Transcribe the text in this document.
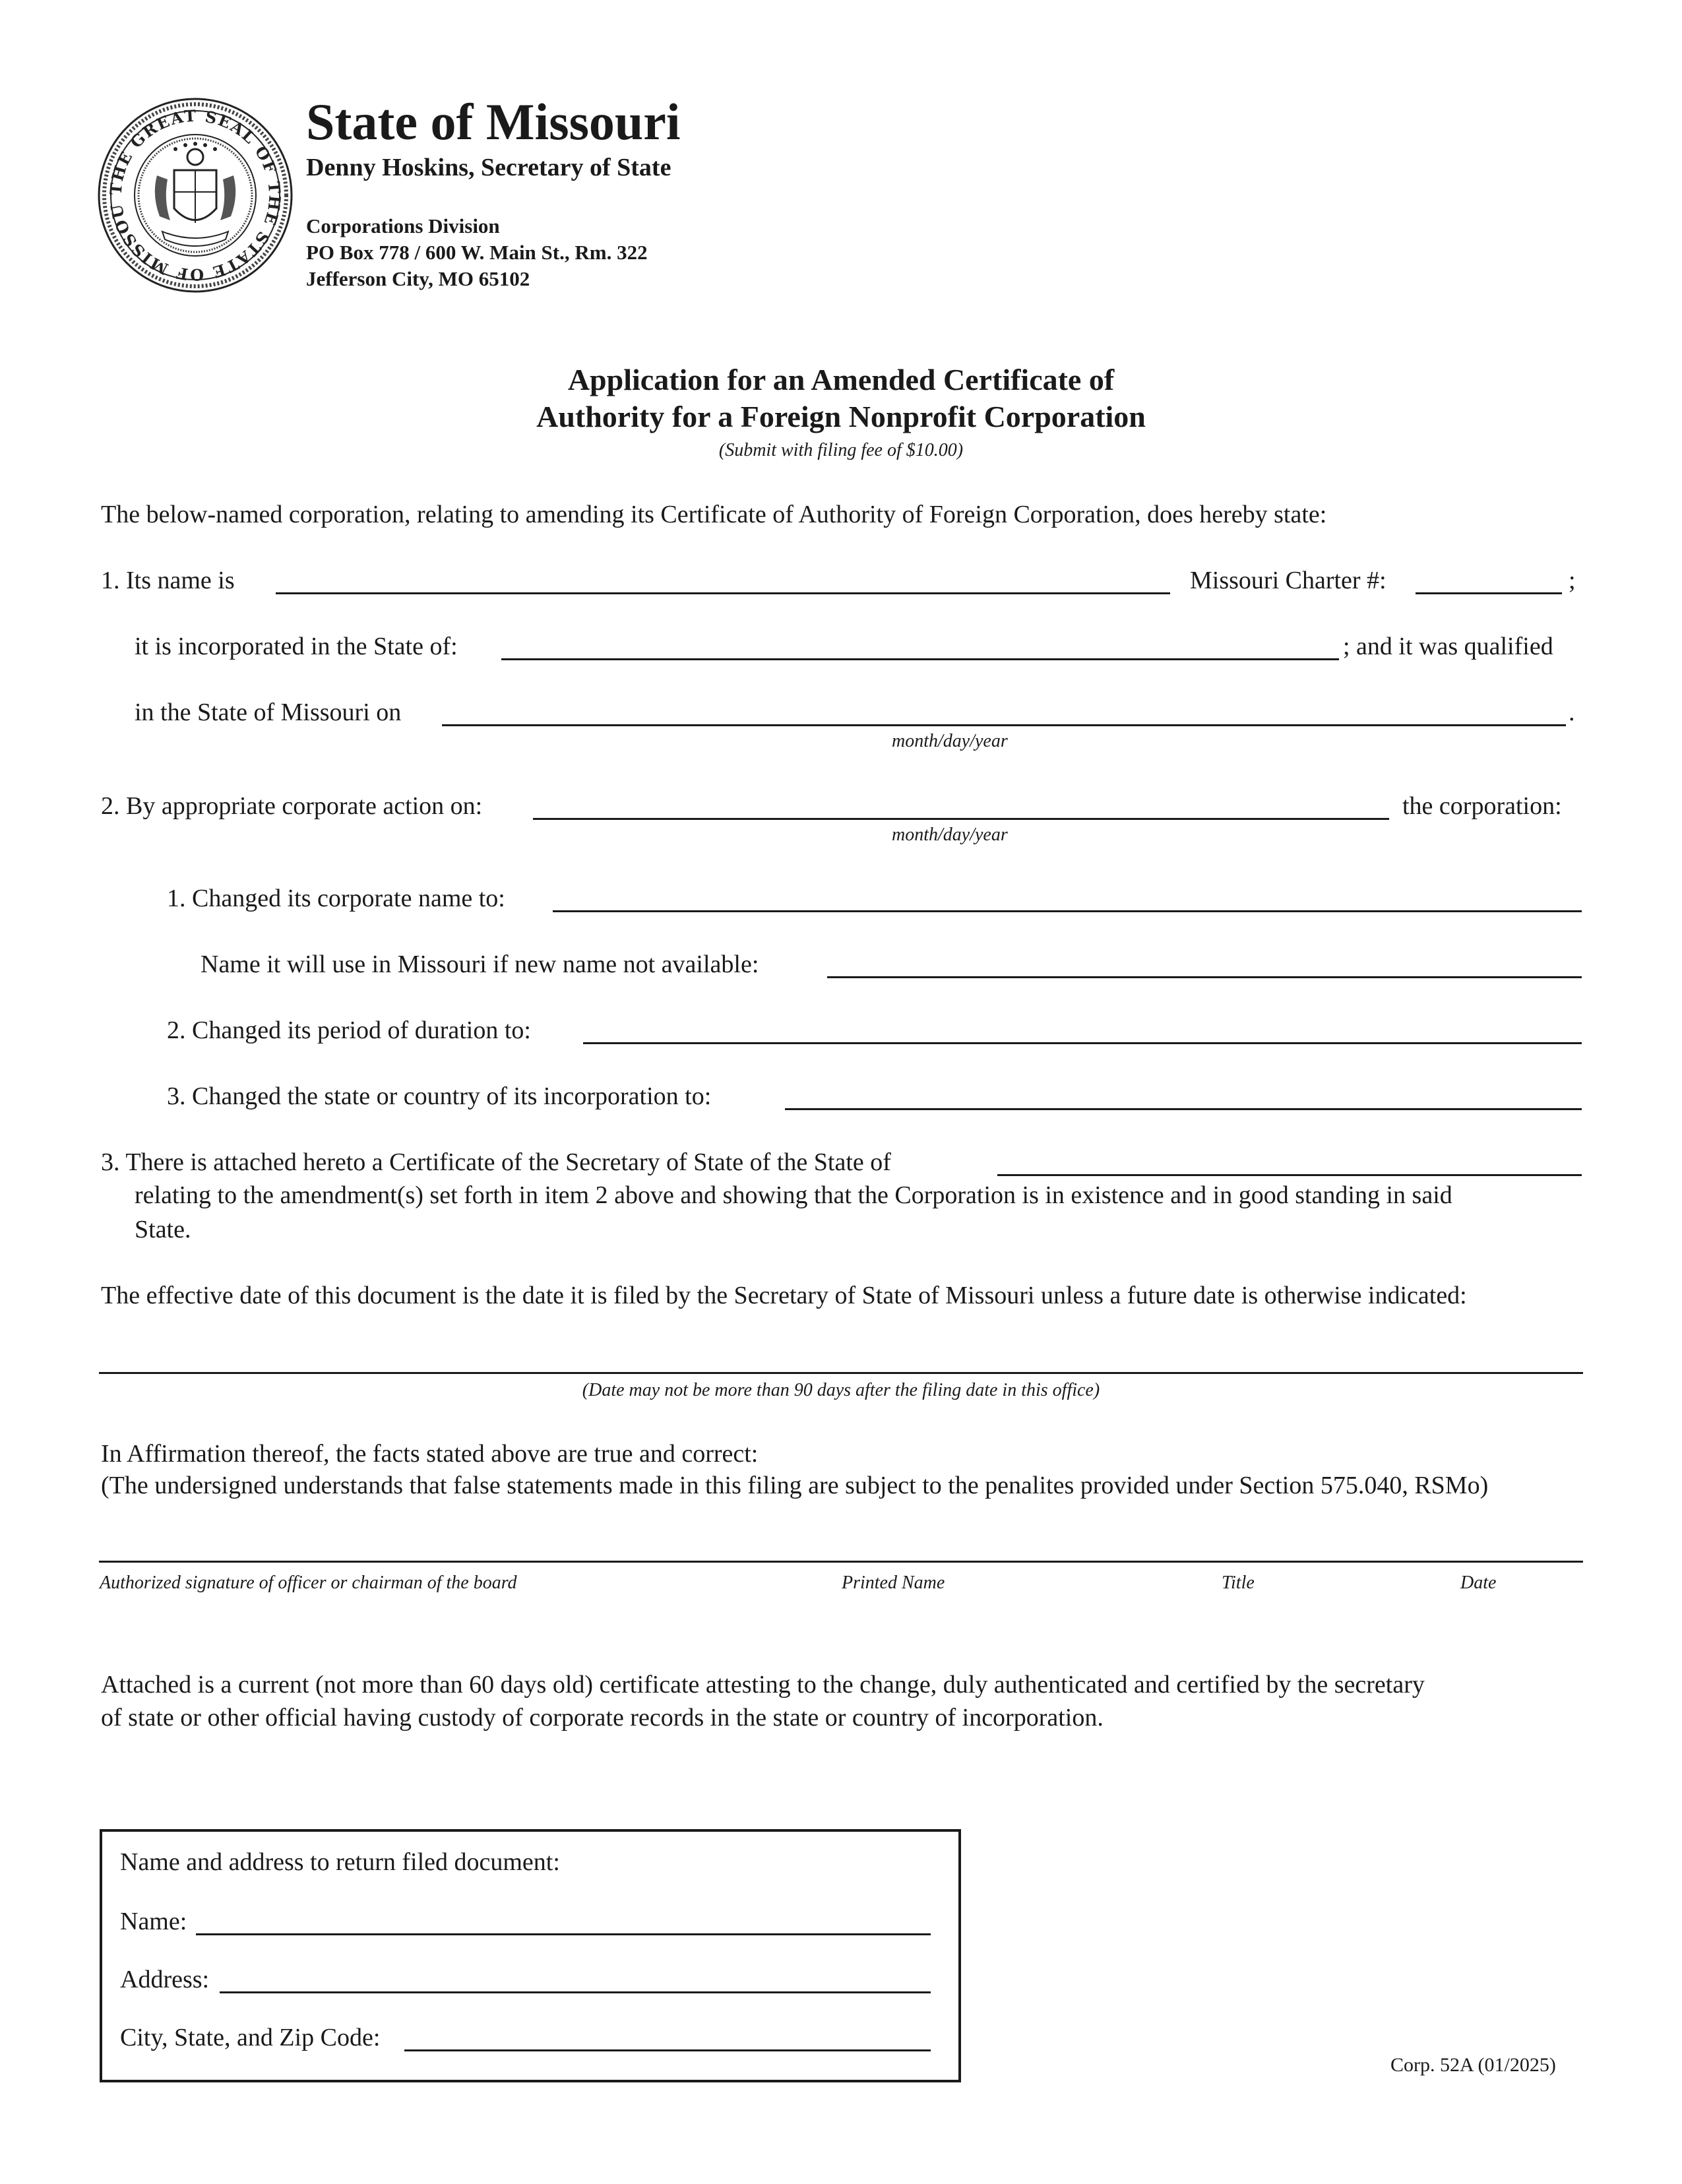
THE GREAT SEAL OF THE STATE OF MISSOU
State of Missouri
Denny Hoskins, Secretary of State
Corporations Division
PO Box 778 / 600 W. Main St., Rm. 322
Jefferson City, MO 65102
Application for an Amended Certificate of
Authority for a Foreign Nonprofit Corporation
(Submit with filing fee of $10.00)
The below-named corporation, relating to amending its Certificate of Authority of Foreign Corporation, does hereby state:
1. Its name is	Missouri Charter #:	;
it is incorporated in the State of:	; and it was qualified
in the State of Missouri on	.
month/day/year
2. By appropriate corporate action on:	the corporation:
month/day/year
1. Changed its corporate name to:
Name it will use in Missouri if new name not available:
2. Changed its period of duration to:
3. Changed the state or country of its incorporation to:
3. There is attached hereto a Certificate of the Secretary of State of the State of
relating to the amendment(s) set forth in item 2 above and showing that the Corporation is in existence and in good standing in said
State.
The effective date of this document is the date it is filed by the Secretary of State of Missouri unless a future date is otherwise indicated:
(Date may not be more than 90 days after the filing date in this office)
In Affirmation thereof, the facts stated above are true and correct:
(The undersigned understands that false statements made in this filing are subject to the penalites provided under Section 575.040, RSMo)
Authorized signature of officer or chairman of the board	Printed Name	Title	Date
Attached is a current (not more than 60 days old) certificate attesting to the change, duly authenticated and certified by the secretary
of state or other official having custody of corporate records in the state or country of incorporation.
Name and address to return filed document:
Name:
Address:
City, State, and Zip Code:
Corp. 52A (01/2025)
